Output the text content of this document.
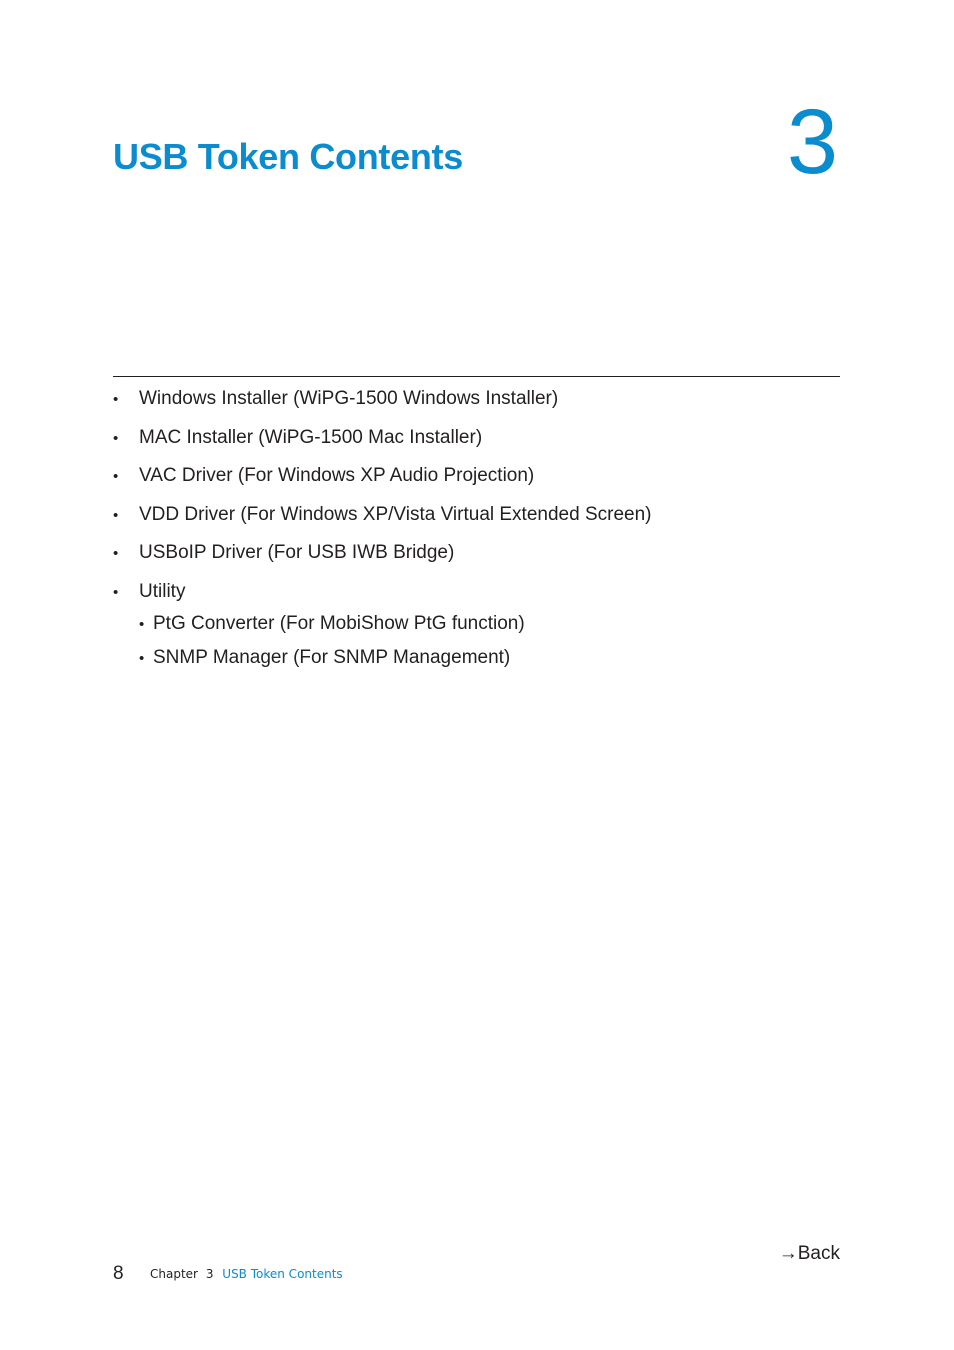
USB Token Contents	3
• Windows Installer (WiPG-1500 Windows Installer)
• MAC Installer (WiPG-1500 Mac Installer)
• VAC Driver (For Windows XP Audio Projection)
• VDD Driver (For Windows XP/Vista Virtual Extended Screen)
• USBoIP Driver (For USB IWB Bridge)
• Utility
• PtG Converter (For MobiShow PtG function)
• SNMP Manager (For SNMP Management)
→Back
8 Chapter 3 USB Token Contents
